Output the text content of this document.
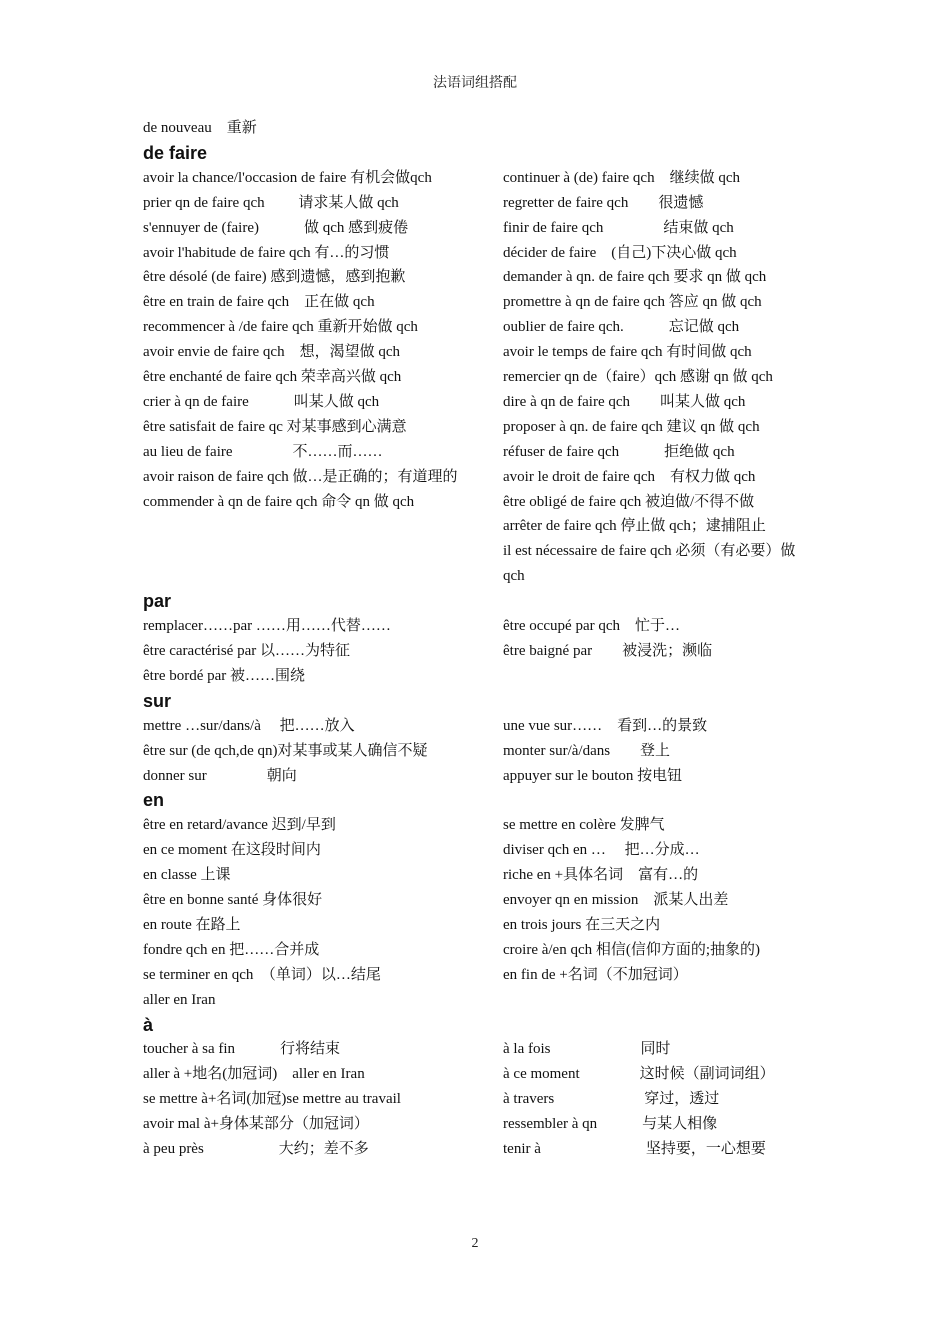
法语词组搭配
de nouveau　重新
de faire
avoir la chance/l'occasion de faire 有机会做qch
prier qn de faire qch　　 请求某人做 qch
s'ennuyer de (faire)　　　做 qch 感到疲倦
avoir l'habitude de faire qch 有…的习惯
être désolé (de faire) 感到遗憾，感到抱歉
être en train de faire qch　正在做 qch
recommencer à /de faire qch 重新开始做 qch
avoir envie de faire qch　想，渴望做 qch
être enchanté de faire qch 荣幸高兴做 qch
crier à qn de faire　　　叫某人做 qch
être satisfait de faire qc 对某事感到心满意
au lieu de faire　　　　不……而……
avoir raison de faire qch 做…是正确的；有道理的
commender à qn de faire qch 命令 qn 做 qch
continuer à (de) faire qch　继续做 qch
regretter de faire qch　　很遗憾
finir de faire qch　　　　结束做 qch
décider de faire　(自己)下决心做 qch
demander à qn. de faire qch 要求 qn 做 qch
promettre à qn de faire qch 答应 qn 做 qch
oublier de faire qch.　　　忘记做 qch
avoir le temps de faire qch 有时间做 qch
remercier qn de（faire）qch 感谢 qn 做 qch
dire à qn de faire qch　　叫某人做 qch
proposer à qn. de faire qch 建议 qn 做 qch
réfuser de faire qch　　　拒绝做 qch
avoir le droit de faire qch　有权力做 qch
être obligé de faire qch 被迫做/不得不做
arrêter de faire qch 停止做 qch；逮捕阻止
il est nécessaire de faire qch 必须（有必要）做 qch
par
remplacer……par ……用……代替……
être caractérisé par 以……为特征
être bordé par 被……围绕
être occupé par qch　忙于…
être baigné par　　被浸洗；濒临
sur
mettre …sur/dans/à　 把……放入
être sur (de qch,de qn)对某事或某人确信不疑
donner sur　　　　朝向
une vue sur……　看到…的景致
monter sur/à/dans　　登上
appuyer sur le bouton 按电钮
en
être en retard/avance 迟到/早到
en ce moment 在这段时间内
en classe 上课
être en bonne santé 身体很好
en route 在路上
fondre qch en 把……合并成
se terminer en qch　（单词）以…结尾
aller en Iran
se mettre en colère 发脾气
diviser qch en …　 把…分成…
riche en +具体名词　富有…的
envoyer qn en mission　派某人出差
en trois jours 在三天之内
croire à/en qch 相信(信仰方面的;抽象的)
en fin de +名词（不加冠词）
à
toucher à sa fin　　　行将结束
aller à +地名(加冠词)　aller en Iran
se mettre à+名词(加冠)se mettre au travail
avoir mal à+身体某部分（加冠词）
à peu près　　　　　大约；差不多
à la fois　　　　　　同时
à ce moment　　　　这时候（副词词组）
à travers　　　　　　穿过，透过
ressembler à qn　　　与某人相像
tenir à　　　　　　　坚持要，一心想要
2
